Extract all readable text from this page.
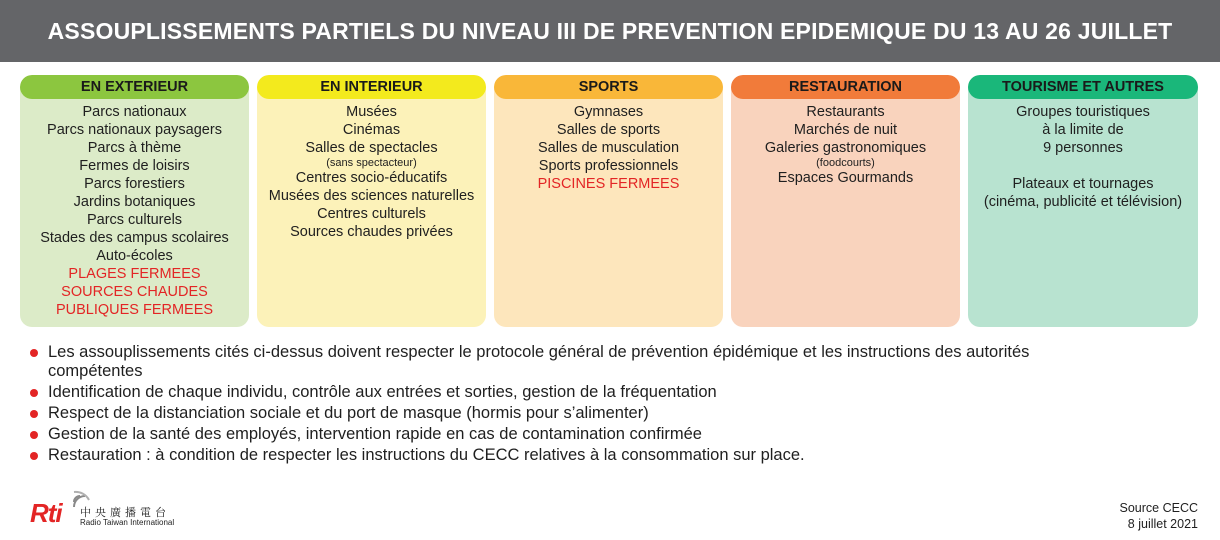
ASSOUPLISSEMENTS PARTIELS DU NIVEAU III DE PREVENTION EPIDEMIQUE DU 13 AU 26 JUILLET
EN EXTERIEUR
Parcs nationaux
Parcs nationaux paysagers
Parcs à thème
Fermes de loisirs
Parcs forestiers
Jardins botaniques
Parcs culturels
Stades des campus scolaires
Auto-écoles
PLAGES FERMEES
SOURCES CHAUDES
PUBLIQUES FERMEES
EN INTERIEUR
Musées
Cinémas
Salles de spectacles
(sans spectacteur)
Centres socio-éducatifs
Musées des sciences naturelles
Centres culturels
Sources chaudes privées
SPORTS
Gymnases
Salles de sports
Salles de musculation
Sports professionnels
PISCINES FERMEES
RESTAURATION
Restaurants
Marchés de nuit
Galeries gastronomiques
(foodcourts)
Espaces Gourmands
TOURISME ET AUTRES
Groupes touristiques
à la limite de
9 personnes
Plateaux et tournages
(cinéma, publicité et télévision)
Les assouplissements cités ci-dessus doivent respecter le protocole général de prévention épidémique et les instructions des autorités compétentes
Identification de chaque individu, contrôle aux entrées et sorties, gestion de la fréquentation
Respect de la distanciation sociale et du port de masque (hormis pour s’alimenter)
Gestion de la santé des employés, intervention rapide en cas de contamination confirmée
Restauration : à condition de respecter les instructions du CECC relatives à la consommation sur place.
Rti 中央廣播電台
Radio Taiwan International
Source CECC
8 juillet 2021
